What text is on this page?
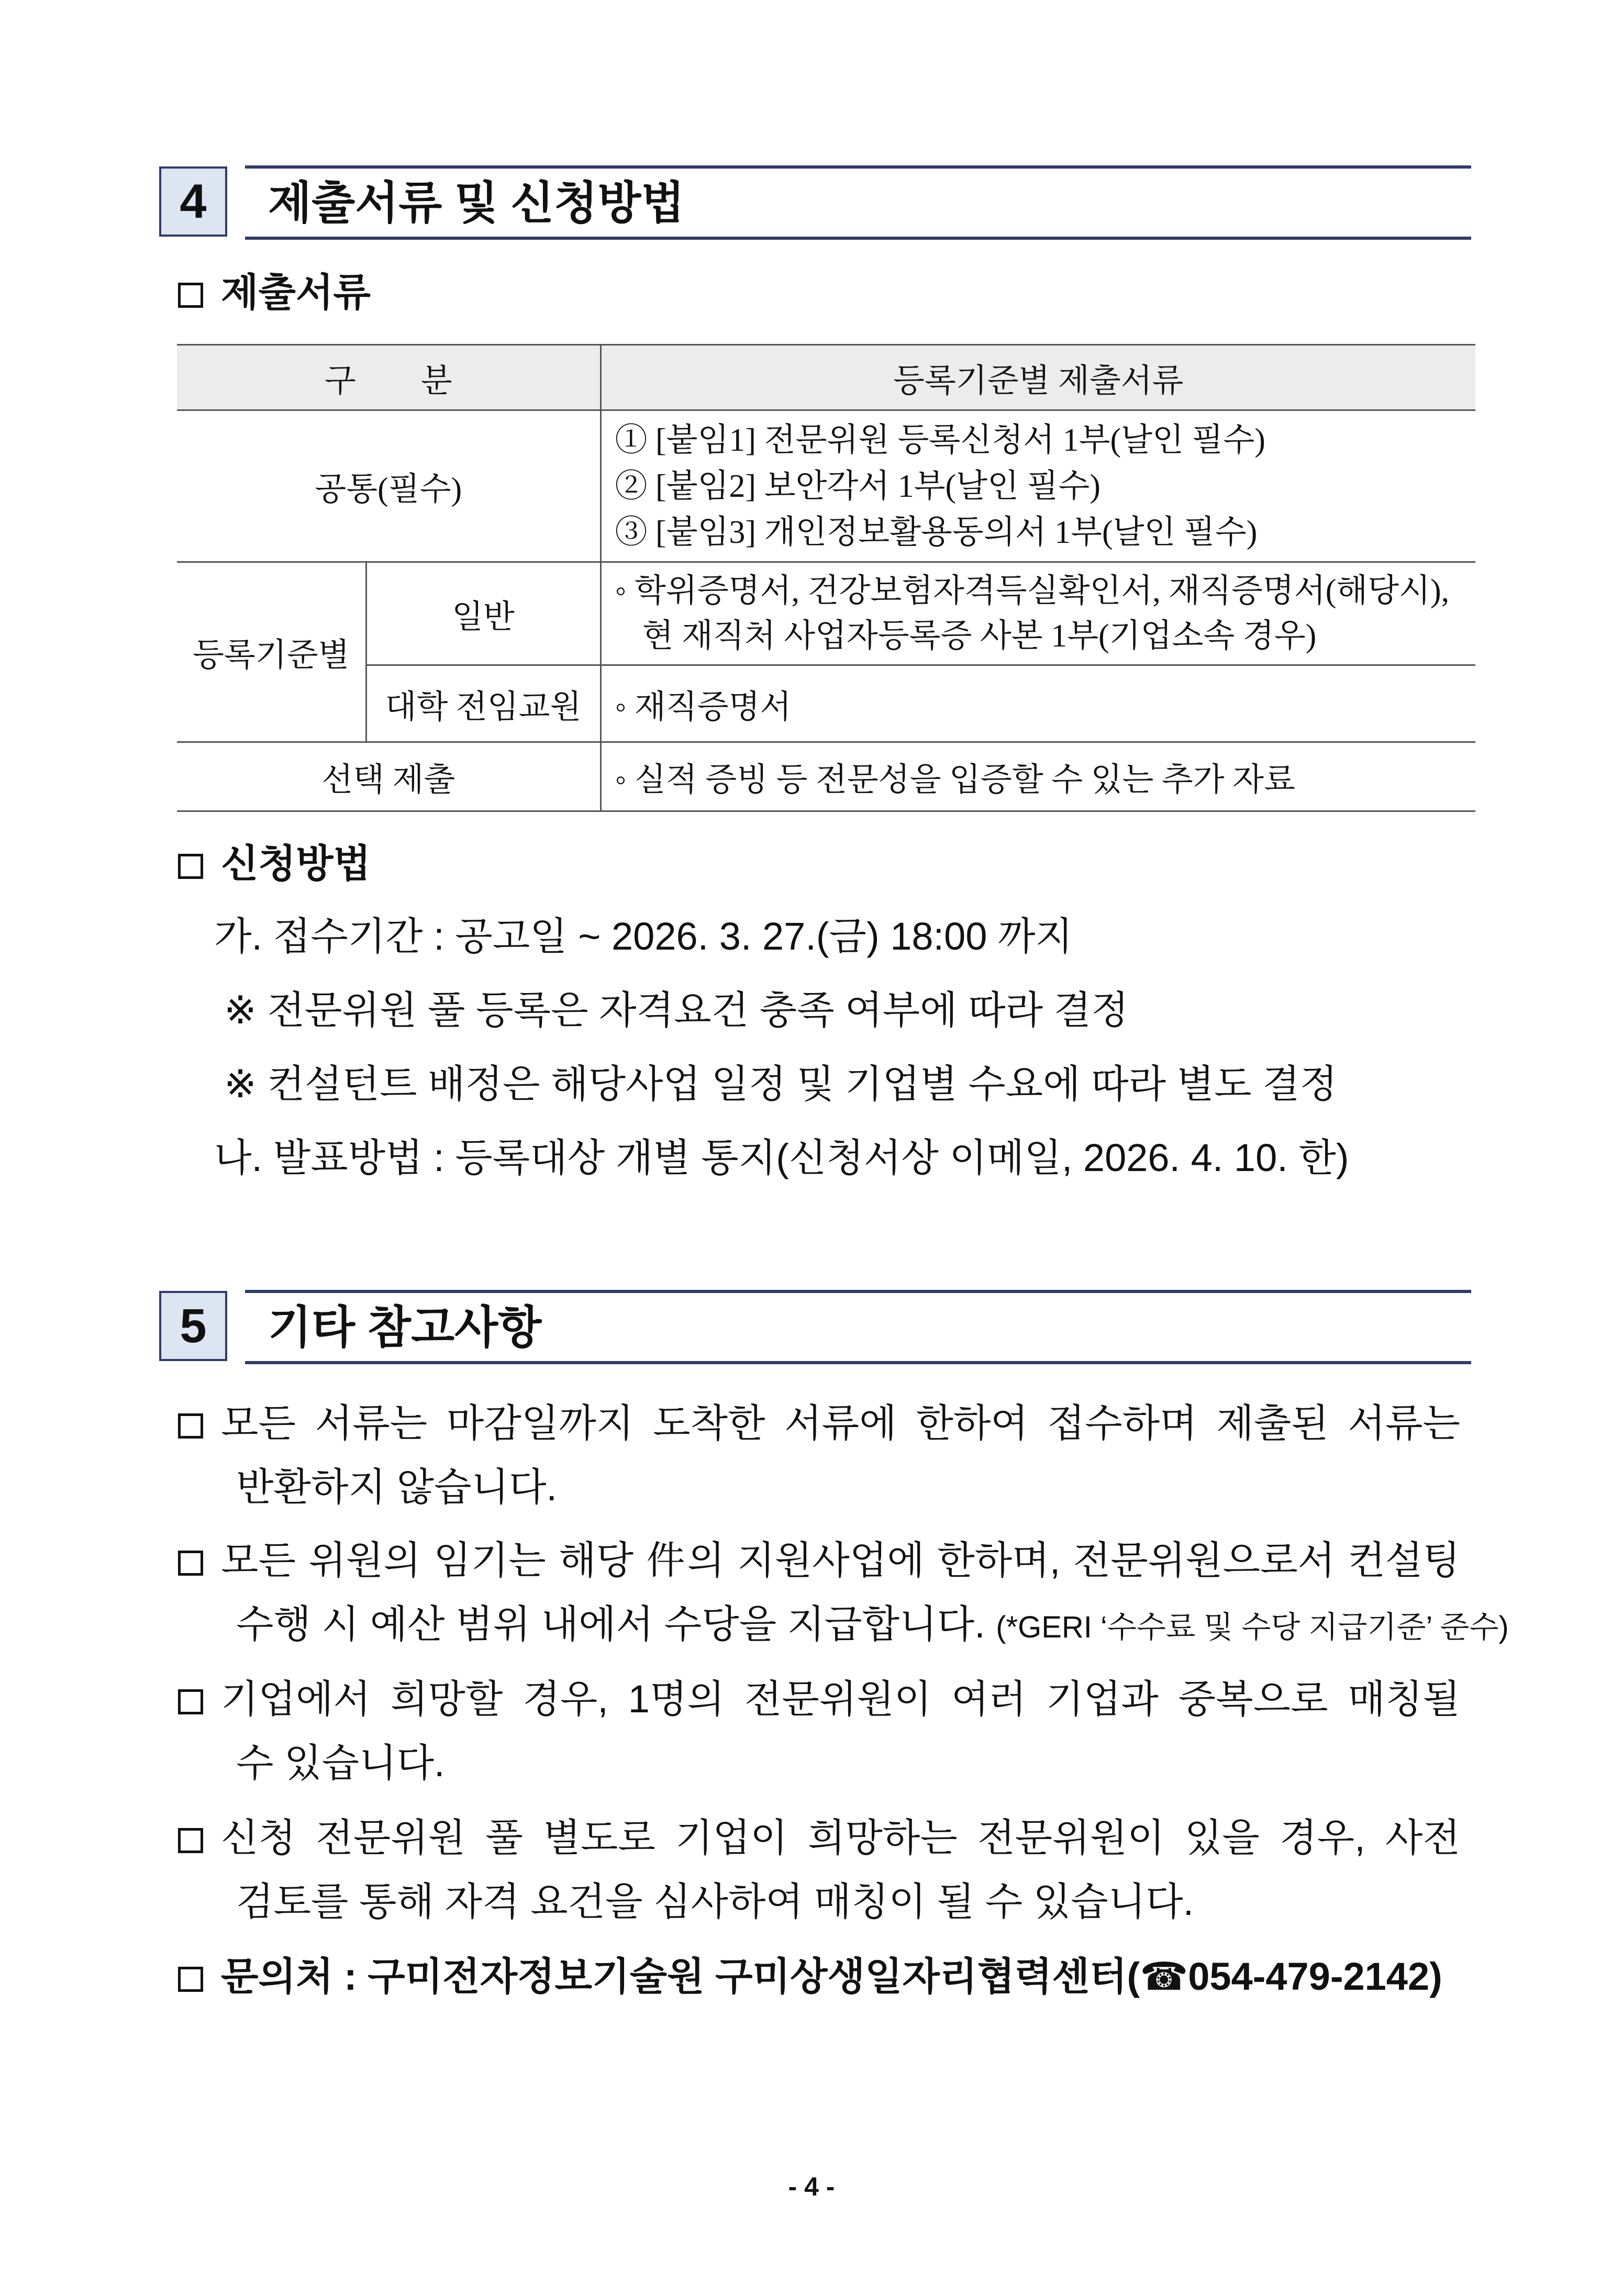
4	제출서류 및 신청방법
제출서류
구　　분		등록기준별 제출서류
공통(필수)		① [붙임1] 전문위원 등록신청서 1부(날인 필수)
② [붙임2] 보안각서 1부(날인 필수)
③ [붙임3] 개인정보활용동의서 1부(날인 필수)

등록기준별	일반	◦ 학위증명서, 건강보험자격득실확인서, 재직증명서(해당시),
현 재직처 사업자등록증 사본 1부(기업소속 경우)

	대학 전임교원	◦ 재직증명서
선택 제출		◦ 실적 증빙 등 전문성을 입증할 수 있는 추가 자료
신청방법
가. 접수기간 : 공고일 ~ 2026. 3. 27.(금) 18:00 까지
※ 전문위원 풀 등록은 자격요건 충족 여부에 따라 결정
※ 컨설턴트 배정은 해당사업 일정 및 기업별 수요에 따라 별도 결정
나. 발표방법 : 등록대상 개별 통지(신청서상 이메일, 2026. 4. 10. 한)
5	기타 참고사항
모든 서류는 마감일까지 도착한 서류에 한하여 접수하며 제출된 서류는
반환하지 않습니다.
모든 위원의 임기는 해당 件의 지원사업에 한하며, 전문위원으로서 컨설팅
수행 시 예산 범위 내에서 수당을 지급합니다. (*GERI ‘수수료 및 수당 지급기준’ 준수)
기업에서 희망할 경우, 1명의 전문위원이 여러 기업과 중복으로 매칭될
수 있습니다.
신청 전문위원 풀 별도로 기업이 희망하는 전문위원이 있을 경우, 사전
검토를 통해 자격 요건을 심사하여 매칭이 될 수 있습니다.
문의처 : 구미전자정보기술원 구미상생일자리협력센터(☎054-479-2142)
- 4 -
